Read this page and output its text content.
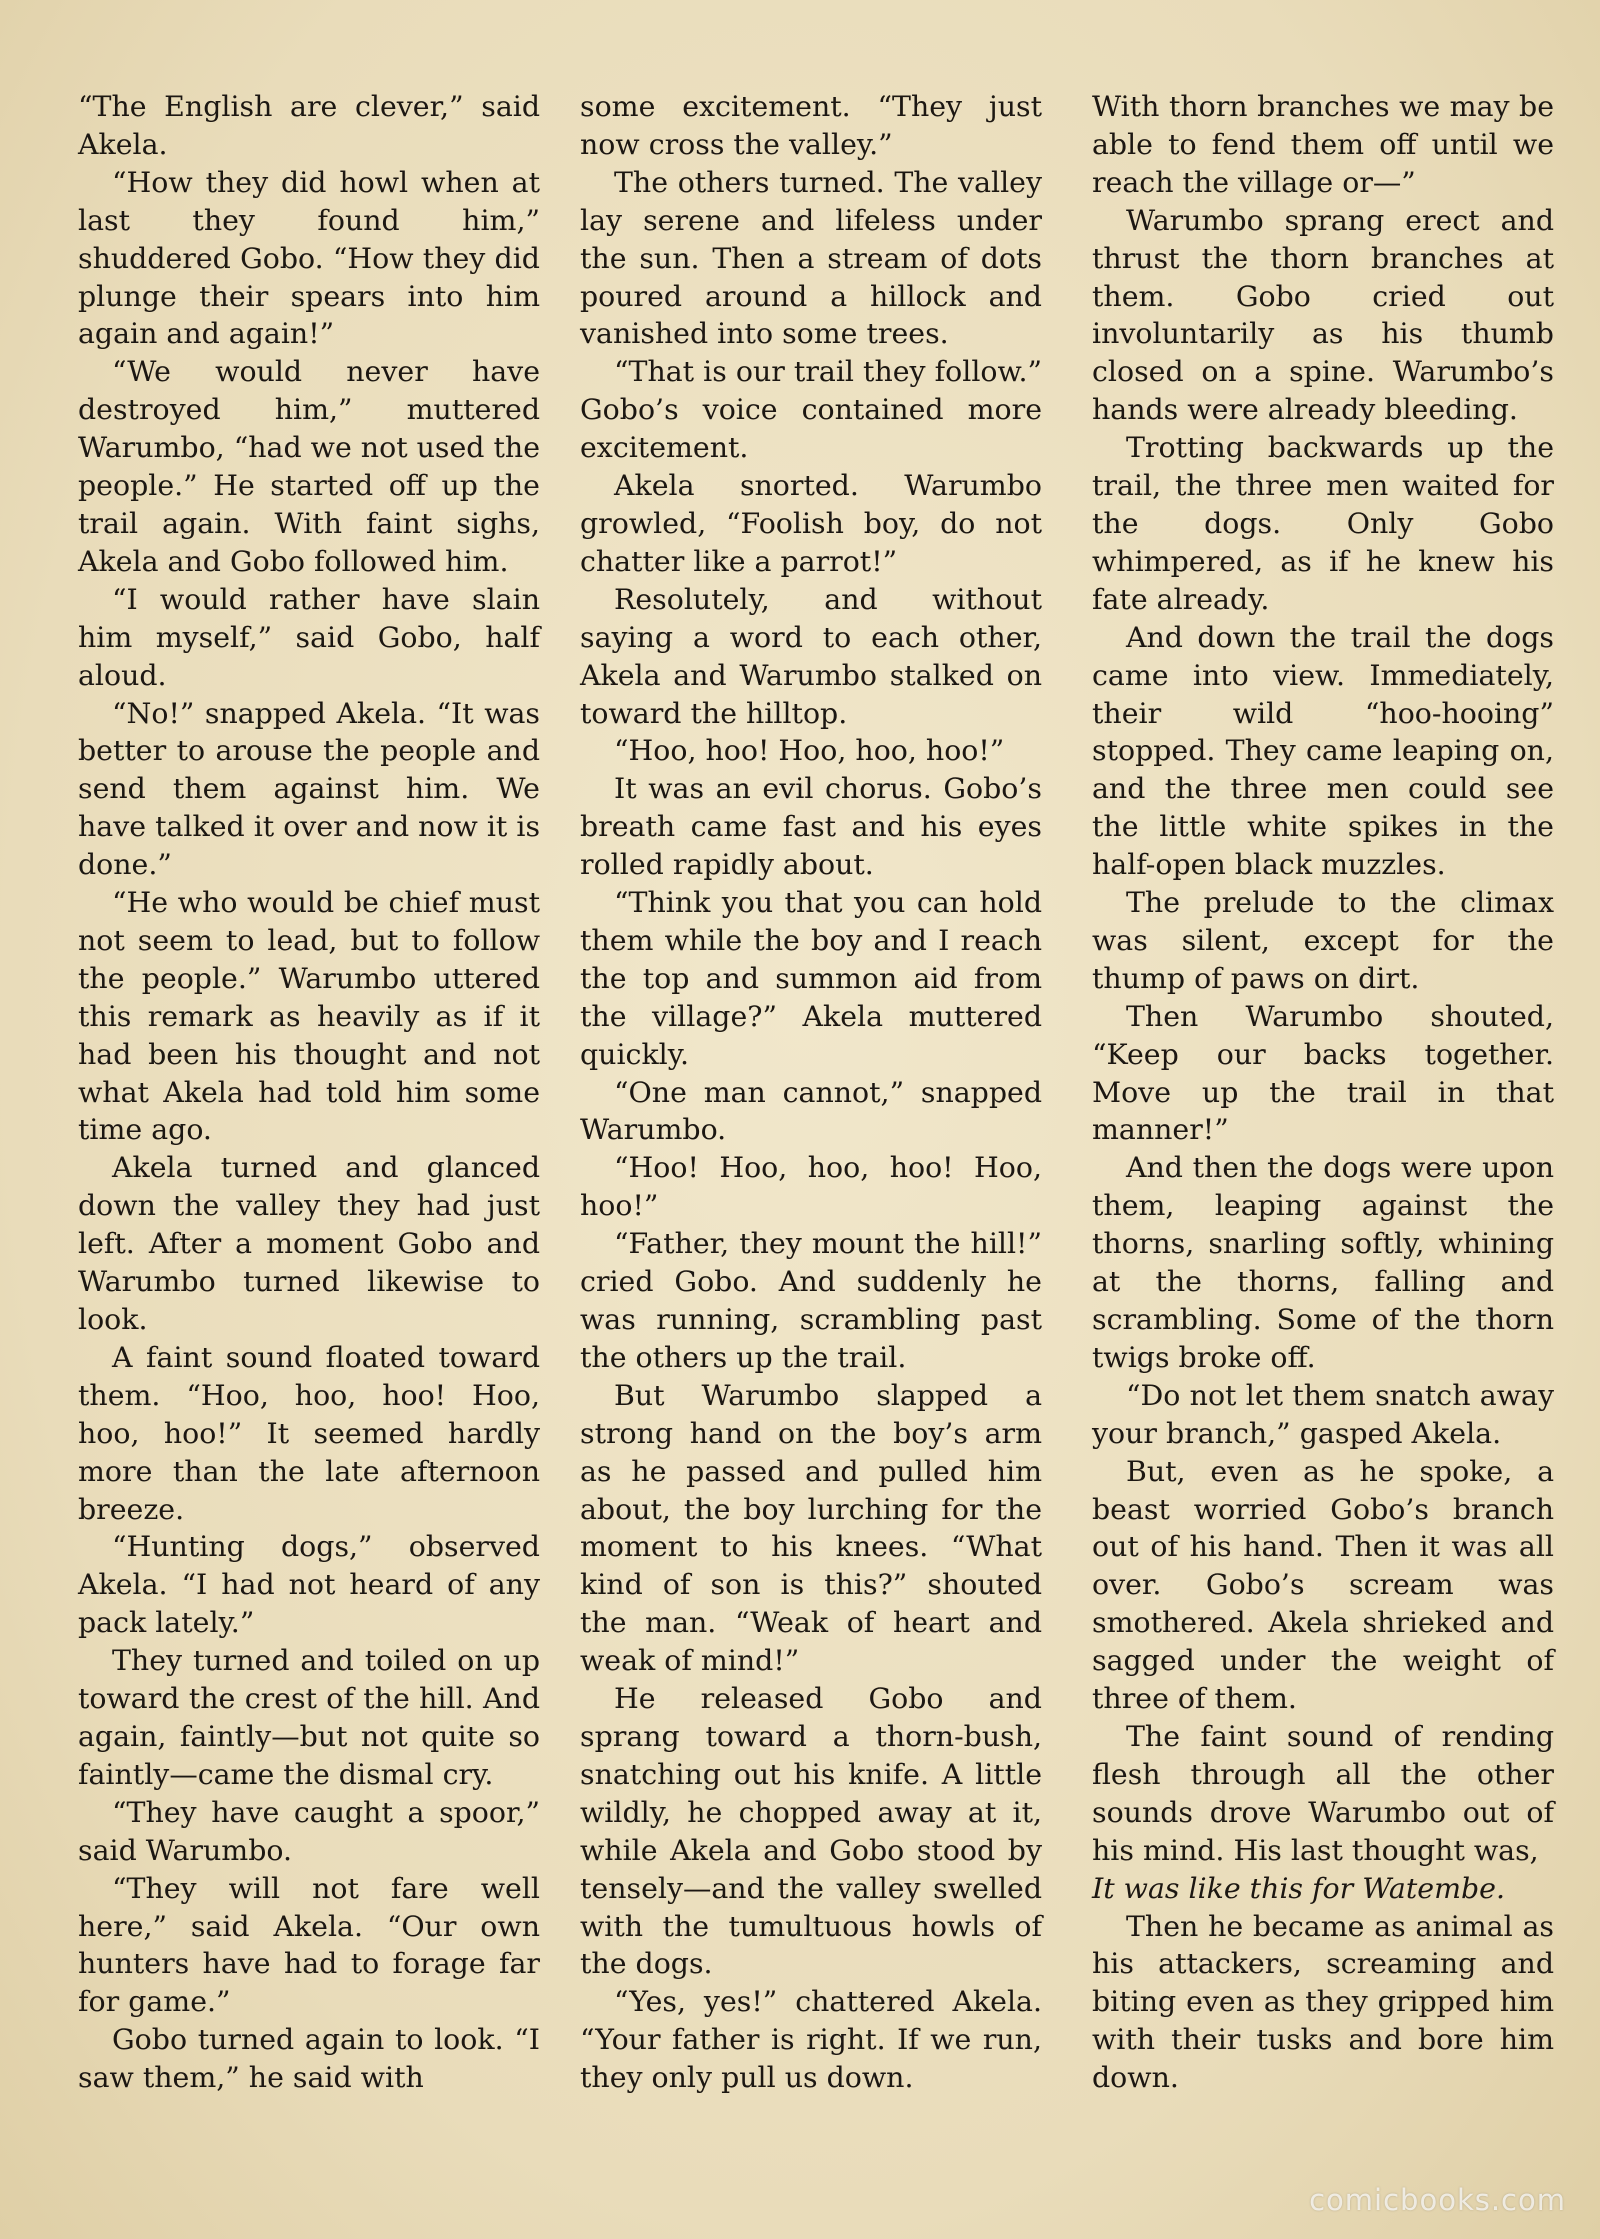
“The English are clever,” said Akela.

“How they did howl when at last they found him,” shuddered Gobo. “How they did plunge their spears into him again and again!”

“We would never have destroyed him,” muttered Warumbo, “had we not used the people.” He started off up the trail again. With faint sighs, Akela and Gobo followed him.

“I would rather have slain him myself,” said Gobo, half aloud.

“No!” snapped Akela. “It was better to arouse the people and send them against him. We have talked it over and now it is done.”

“He who would be chief must not seem to lead, but to follow the people.” Warumbo uttered this remark as heavily as if it had been his thought and not what Akela had told him some time ago.

Akela turned and glanced down the valley they had just left. After a moment Gobo and Warumbo turned likewise to look.

A faint sound floated toward them. “Hoo, hoo, hoo! Hoo, hoo, hoo!” It seemed hardly more than the late afternoon breeze.

“Hunting dogs,” observed Akela. “I had not heard of any pack lately.”

They turned and toiled on up toward the crest of the hill. And again, faintly—but not quite so faintly—came the dismal cry.

“They have caught a spoor,” said Warumbo.

“They will not fare well here,” said Akela. “Our own hunters have had to forage far for game.”

Gobo turned again to look. “I saw them,” he said with

some excitement. “They just now cross the valley.”

The others turned. The valley lay serene and lifeless under the sun. Then a stream of dots poured around a hillock and vanished into some trees.

“That is our trail they follow.” Gobo’s voice contained more excitement.

Akela snorted. Warumbo growled, “Foolish boy, do not chatter like a parrot!”

Resolutely, and without saying a word to each other, Akela and Warumbo stalked on toward the hilltop.

“Hoo, hoo! Hoo, hoo, hoo!”

It was an evil chorus. Gobo’s breath came fast and his eyes rolled rapidly about.

“Think you that you can hold them while the boy and I reach the top and summon aid from the village?” Akela muttered quickly.

“One man cannot,” snapped Warumbo.

“Hoo! Hoo, hoo, hoo! Hoo, hoo!”

“Father, they mount the hill!” cried Gobo. And suddenly he was running, scrambling past the others up the trail.

But Warumbo slapped a strong hand on the boy’s arm as he passed and pulled him about, the boy lurching for the moment to his knees. “What kind of son is this?” shouted the man. “Weak of heart and weak of mind!”

He released Gobo and sprang toward a thorn-bush, snatching out his knife. A little wildly, he chopped away at it, while Akela and Gobo stood by tensely—and the valley swelled with the tumultuous howls of the dogs.

“Yes, yes!” chattered Akela. “Your father is right. If we run, they only pull us down.

With thorn branches we may be able to fend them off until we reach the village or—”

Warumbo sprang erect and thrust the thorn branches at them. Gobo cried out involuntarily as his thumb closed on a spine. Warumbo’s hands were already bleeding.

Trotting backwards up the trail, the three men waited for the dogs. Only Gobo whimpered, as if he knew his fate already.

And down the trail the dogs came into view. Immediately, their wild “hoo-hooing” stopped. They came leaping on, and the three men could see the little white spikes in the half-open black muzzles.

The prelude to the climax was silent, except for the thump of paws on dirt.

Then Warumbo shouted, “Keep our backs together. Move up the trail in that manner!”

And then the dogs were upon them, leaping against the thorns, snarling softly, whining at the thorns, falling and scrambling. Some of the thorn twigs broke off.

“Do not let them snatch away your branch,” gasped Akela.

But, even as he spoke, a beast worried Gobo’s branch out of his hand. Then it was all over. Gobo’s scream was smothered. Akela shrieked and sagged under the weight of three of them.

The faint sound of rending flesh through all the other sounds drove Warumbo out of his mind. His last thought was,

It was like this for Watembe.

Then he became as animal as his attackers, screaming and biting even as they gripped him with their tusks and bore him down.

comicbooks.com
